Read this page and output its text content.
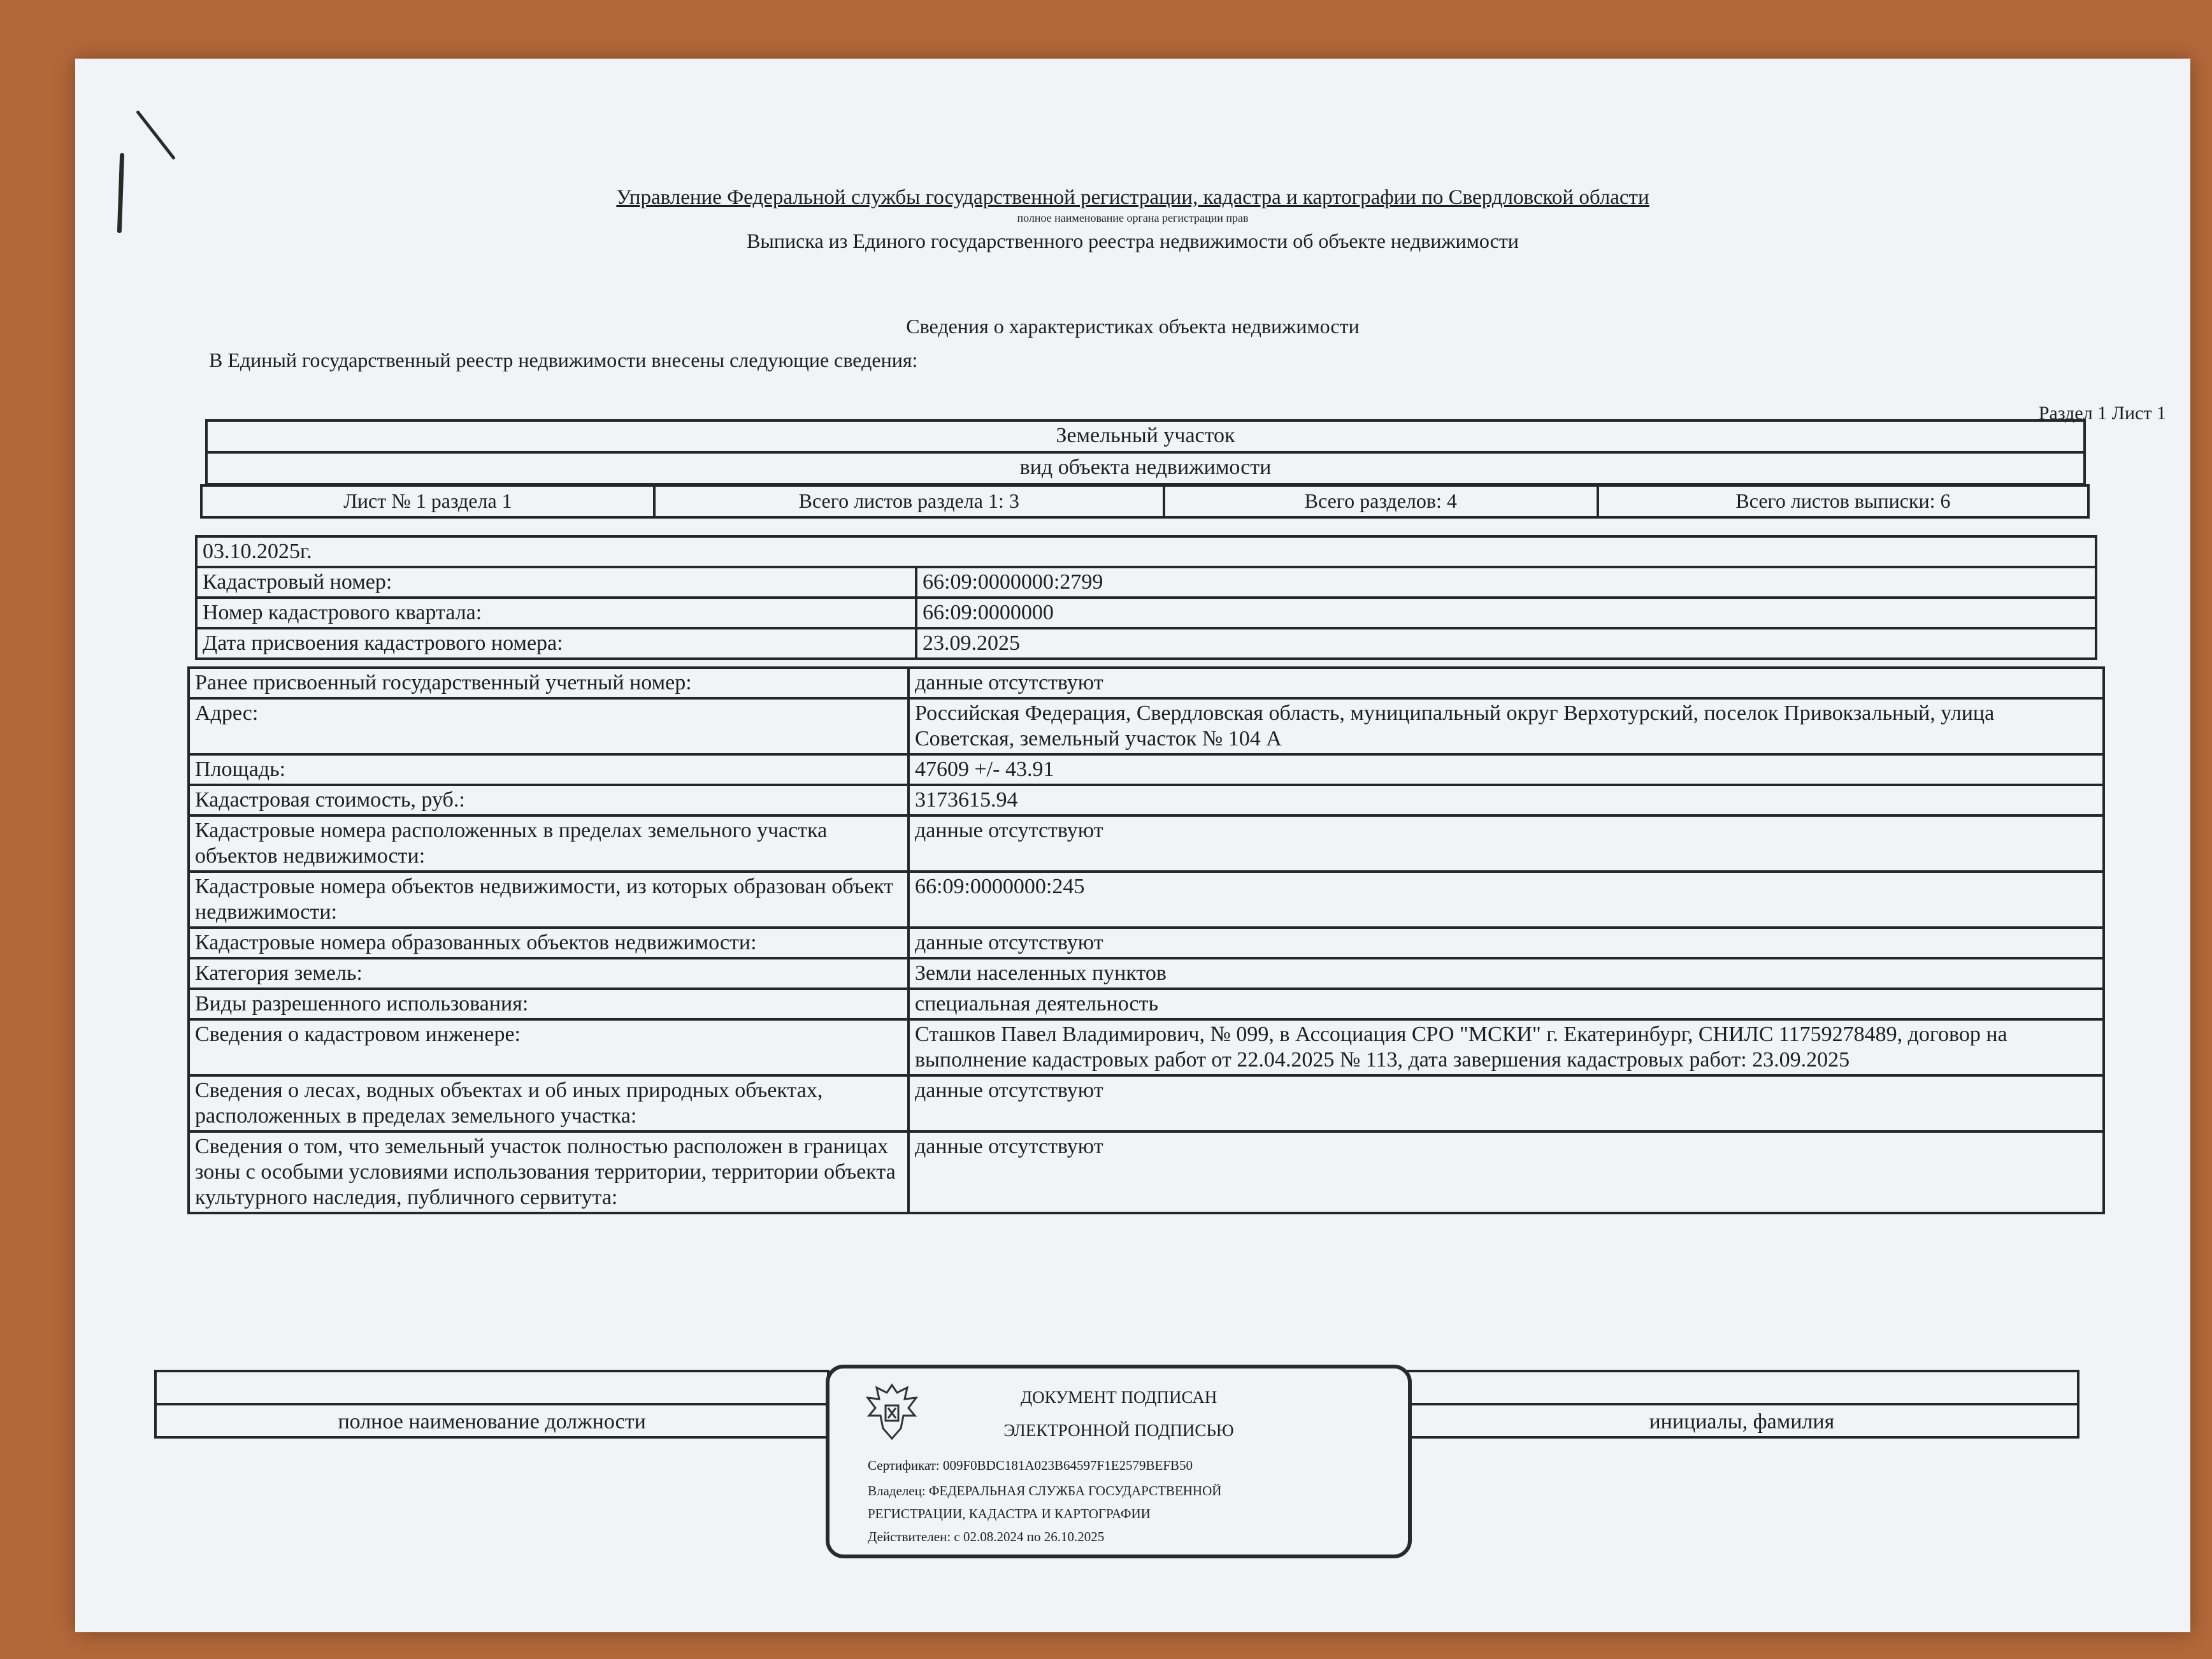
Управление Федеральной службы государственной регистрации, кадастра и картографии по Свердловской области
полное наименование органа регистрации прав
Выписка из Единого государственного реестра недвижимости об объекте недвижимости
Сведения о характеристиках объекта недвижимости
В Единый государственный реестр недвижимости внесены следующие сведения:
Раздел 1 Лист 1
Земельный участок
вид объекта недвижимости
Лист № 1 раздела 1	Всего листов раздела 1: 3	Всего разделов: 4	Всего листов выписки: 6
03.10.2025г.	
Кадастровый номер:	66:09:0000000:2799
Номер кадастрового квартала:	66:09:0000000
Дата присвоения кадастрового номера:	23.09.2025
Ранее присвоенный государственный учетный номер:	данные отсутствуют
Адрес:	Российская Федерация, Свердловская область, муниципальный округ Верхотурский, поселок Привокзальный, улица Советская, земельный участок № 104 А
Площадь:	47609 +/- 43.91
Кадастровая стоимость, руб.:	3173615.94
Кадастровые номера расположенных в пределах земельного участка объектов недвижимости:	данные отсутствуют
Кадастровые номера объектов недвижимости, из которых образован объект недвижимости:	66:09:0000000:245
Кадастровые номера образованных объектов недвижимости:	данные отсутствуют
Категория земель:	Земли населенных пунктов
Виды разрешенного использования:	специальная деятельность
Сведения о кадастровом инженере:	Сташков Павел Владимирович, № 099, в Ассоциация СРО "МСКИ" г. Екатеринбург, СНИЛС 11759278489, договор на выполнение кадастровых работ от 22.04.2025 № 113, дата завершения кадастровых работ: 23.09.2025
Сведения о лесах, водных объектах и об иных природных объектах, расположенных в пределах земельного участка:	данные отсутствуют
Сведения о том, что земельный участок полностью расположен в границах зоны с особыми условиями использования территории, территории объекта культурного наследия, публичного сервитута:	данные отсутствуют

полное наименование должности		инициалы, фамилия
ДОКУМЕНТ ПОДПИСАН
ЭЛЕКТРОННОЙ ПОДПИСЬЮ
Сертификат: 009F0BDC181A023B64597F1E2579BEFB50
Владелец: ФЕДЕРАЛЬНАЯ СЛУЖБА ГОСУДАРСТВЕННОЙ
РЕГИСТРАЦИИ, КАДАСТРА И КАРТОГРАФИИ
Действителен: с 02.08.2024 по 26.10.2025
